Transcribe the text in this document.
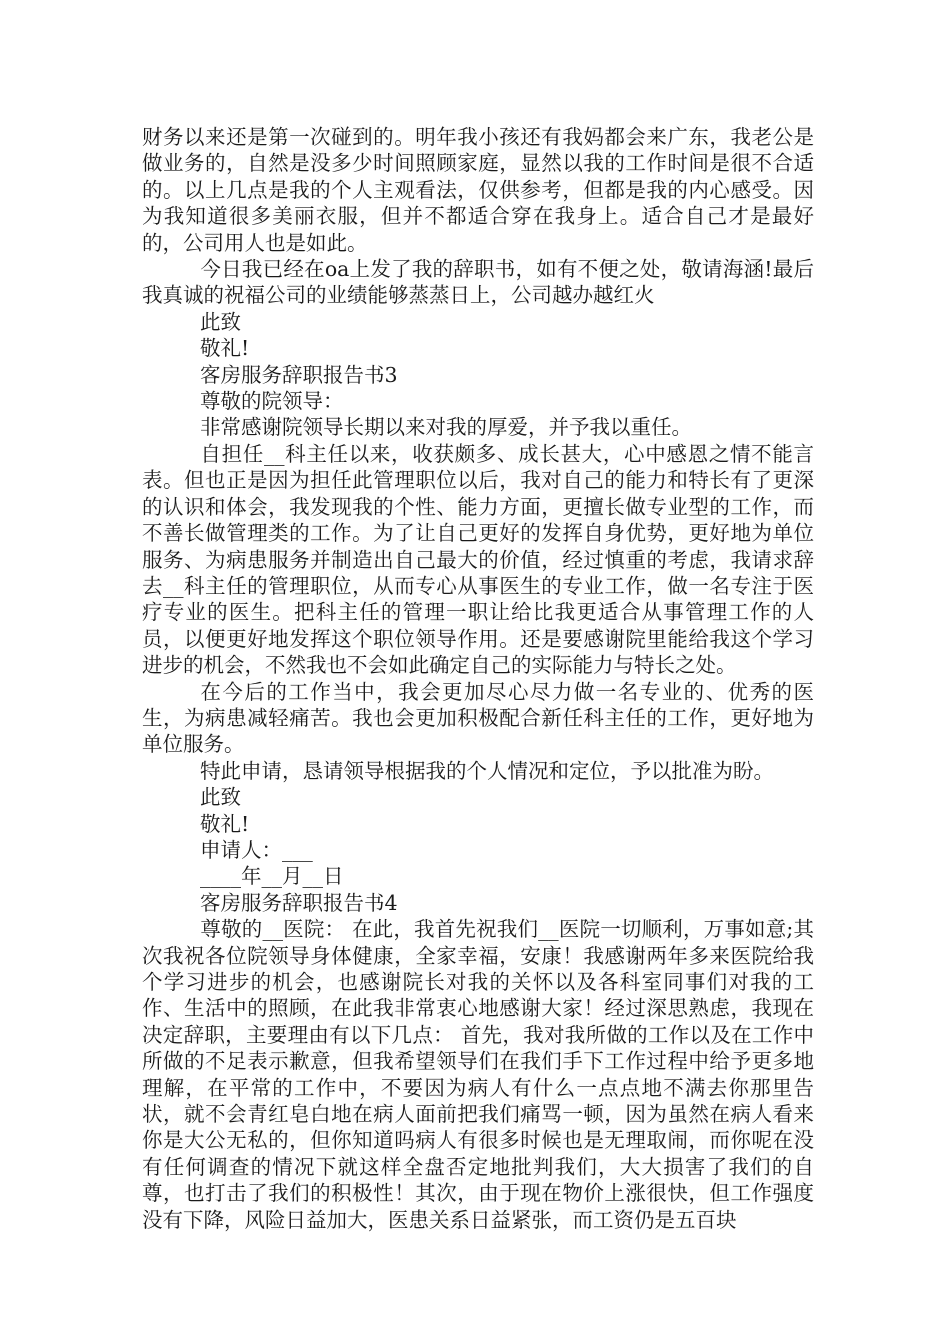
财务以来还是第一次碰到的。明年我小孩还有我妈都会来广东，我老公是做业务的，自然是没多少时间照顾家庭，显然以我的工作时间是很不合适的。以上几点是我的个人主观看法，仅供参考，但都是我的内心感受。因为我知道很多美丽衣服，但并不都适合穿在我身上。适合自己才是最好的，公司用人也是如此。

今日我已经在oa上发了我的辞职书，如有不便之处，敬请海涵!最后我真诚的祝福公司的业绩能够蒸蒸日上，公司越办越红火

此致

敬礼!

客房服务辞职报告书3

尊敬的院领导：

非常感谢院领导长期以来对我的厚爱，并予我以重任。

自担任__科主任以来，收获颇多、成长甚大，心中感恩之情不能言表。但也正是因为担任此管理职位以后，我对自己的能力和特长有了更深的认识和体会，我发现我的个性、能力方面，更擅长做专业型的工作，而不善长做管理类的工作。为了让自己更好的发挥自身优势，更好地为单位服务、为病患服务并制造出自己最大的价值，经过慎重的考虑，我请求辞去__科主任的管理职位，从而专心从事医生的专业工作，做一名专注于医疗专业的医生。把科主任的管理一职让给比我更适合从事管理工作的人员，以便更好地发挥这个职位领导作用。还是要感谢院里能给我这个学习进步的机会，不然我也不会如此确定自己的实际能力与特长之处。

在今后的工作当中，我会更加尽心尽力做一名专业的、优秀的医生，为病患减轻痛苦。我也会更加积极配合新任科主任的工作，更好地为单位服务。

特此申请，恳请领导根据我的个人情况和定位，予以批准为盼。

此致

敬礼!

申请人：___

____年__月__日

客房服务辞职报告书4

尊敬的__医院： 在此，我首先祝我们__医院一切顺利，万事如意;其次我祝各位院领导身体健康，全家幸福，安康！我感谢两年多来医院给我个学习进步的机会，也感谢院长对我的关怀以及各科室同事们对我的工作、生活中的照顾，在此我非常衷心地感谢大家！经过深思熟虑，我现在决定辞职，主要理由有以下几点： 首先，我对我所做的工作以及在工作中所做的不足表示歉意，但我希望领导们在我们手下工作过程中给予更多地理解，在平常的工作中，不要因为病人有什么一点点地不满去你那里告状，就不会青红皂白地在病人面前把我们痛骂一顿，因为虽然在病人看来你是大公无私的，但你知道吗病人有很多时候也是无理取闹，而你呢在没有任何调查的情况下就这样全盘否定地批判我们，大大损害了我们的自尊，也打击了我们的积极性！其次，由于现在物价上涨很快，但工作强度没有下降，风险日益加大，医患关系日益紧张，而工资仍是五百块
